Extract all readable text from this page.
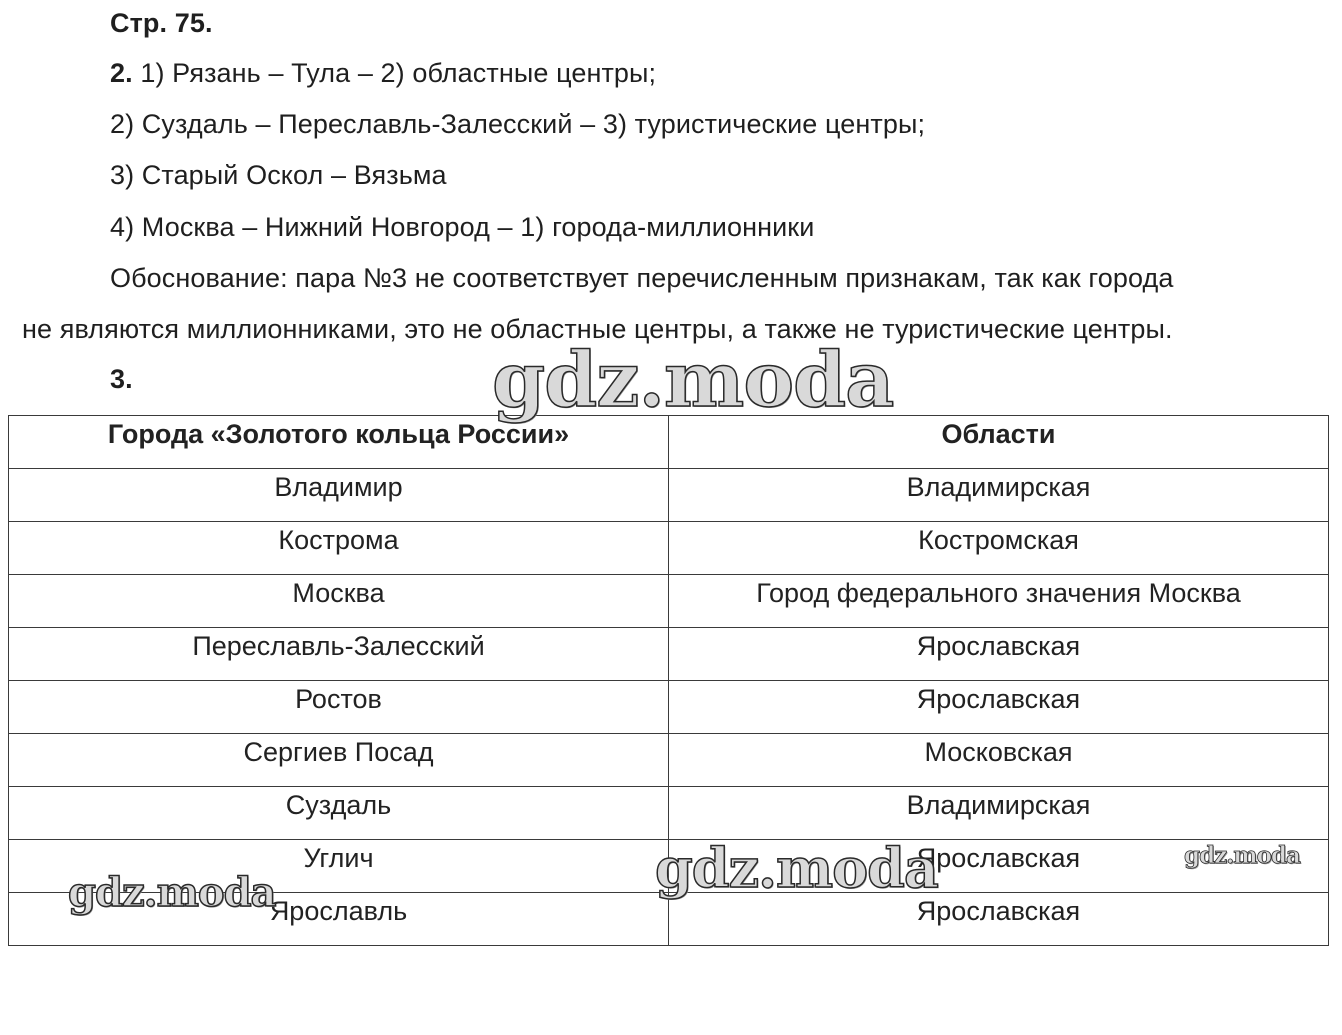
Стр. 75.
2. 1) Рязань – Тула – 2) областные центры;
2) Суздаль – Переславль-Залесский – 3) туристические центры;
3) Старый Оскол – Вязьма
4) Москва – Нижний Новгород – 1) города-миллионники
Обоснование: пара №3 не соответствует перечисленным признакам, так как города
не являются миллионниками, это не областные центры, а также не туристические центры.
3.
Города «Золотого кольца России»	Области
Владимир	Владимирская
Кострома	Костромская
Москва	Город федерального значения Москва
Переславль-Залесский	Ярославская
Ростов	Ярославская
Сергиев Посад	Московская
Суздаль	Владимирская
Углич	Ярославская
Ярославль	Ярославская
gdz.moda
gdz.moda
gdz.moda
gdz.moda
